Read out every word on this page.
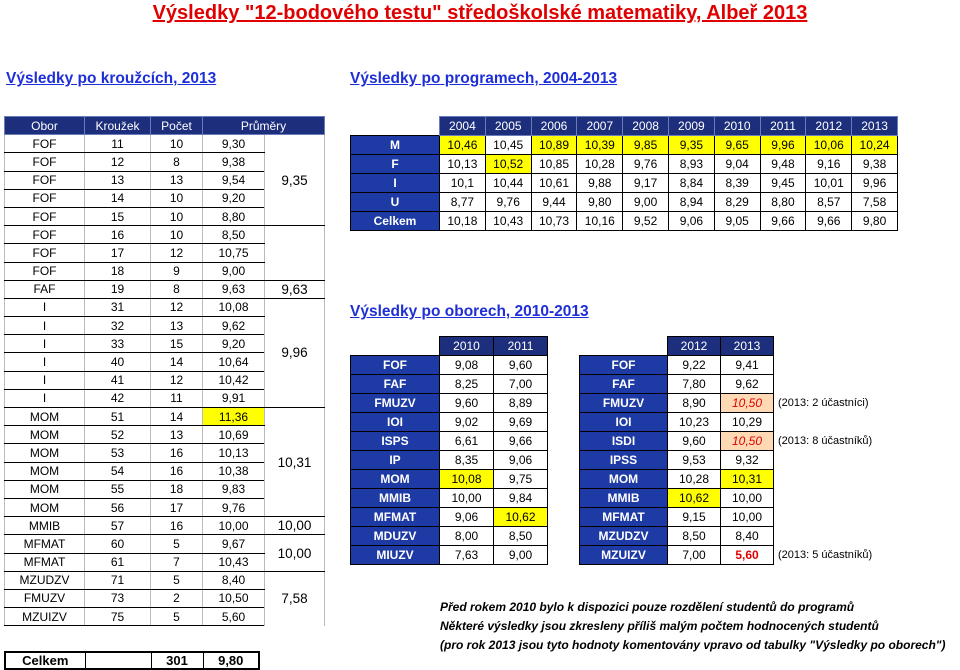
Výsledky "12-bodového testu" středoškolské matematiky, Albeř 2013
Výsledky po kroužcích, 2013	Výsledky po programech, 2004-2013
Výsledky po oborech, 2010-2013
Obor	Kroužek	Počet	Průměry	
FOF	11	10	9,30	9,35
FOF	12	8	9,38	
FOF	13	13	9,54	
FOF	14	10	9,20	
FOF	15	10	8,80	
FOF	16	10	8,50	
FOF	17	12	10,75	
FOF	18	9	9,00	
FAF	19	8	9,63	9,63
I	31	12	10,08	9,96
I	32	13	9,62	
I	33	15	9,20	
I	40	14	10,64	
I	41	12	10,42	
I	42	11	9,91	
MOM	51	14	11,36	10,31
MOM	52	13	10,69	
MOM	53	16	10,13	
MOM	54	16	10,38	
MOM	55	18	9,83	
MOM	56	17	9,76	
MMIB	57	16	10,00	10,00
MFMAT	60	5	9,67	10,00
MFMAT	61	7	10,43	
MZUDZV	71	5	8,40	7,58
FMUZV	73	2	10,50	
MZUIZV	75	5	5,60	
Celkem		301	9,80
	2004	2005	2006	2007	2008	2009	2010	2011	2012	2013
M	10,46	10,45	10,89	10,39	9,85	9,35	9,65	9,96	10,06	10,24
F	10,13	10,52	10,85	10,28	9,76	8,93	9,04	9,48	9,16	9,38
I	10,1	10,44	10,61	9,88	9,17	8,84	8,39	9,45	10,01	9,96
U	8,77	9,76	9,44	9,80	9,00	8,94	8,29	8,80	8,57	7,58
Celkem	10,18	10,43	10,73	10,16	9,52	9,06	9,05	9,66	9,66	9,80
	2010	2011			2012	2013	
FOF	9,08	9,60		FOF	9,22	9,41	
FAF	8,25	7,00		FAF	7,80	9,62	
FMUZV	9,60	8,89		FMUZV	8,90	10,50	(2013: 2 účastníci)
IOI	9,02	9,69		IOI	10,23	10,29	
ISPS	6,61	9,66		ISDI	9,60	10,50	(2013: 8 účastníků)
IP	8,35	9,06		IPSS	9,53	9,32	
MOM	10,08	9,75		MOM	10,28	10,31	
MMIB	10,00	9,84		MMIB	10,62	10,00	
MFMAT	9,06	10,62		MFMAT	9,15	10,00	
MDUZV	8,00	8,50		MZUDZV	8,50	8,40	
MIUZV	7,63	9,00		MZUIZV	7,00	5,60	(2013: 5 účastníků)
Před rokem 2010 bylo k dispozici pouze rozdělení studentů do programů
Některé výsledky jsou zkresleny příliš malým počtem hodnocených studentů
(pro rok 2013 jsou tyto hodnoty komentovány vpravo od tabulky "Výsledky po oborech")
